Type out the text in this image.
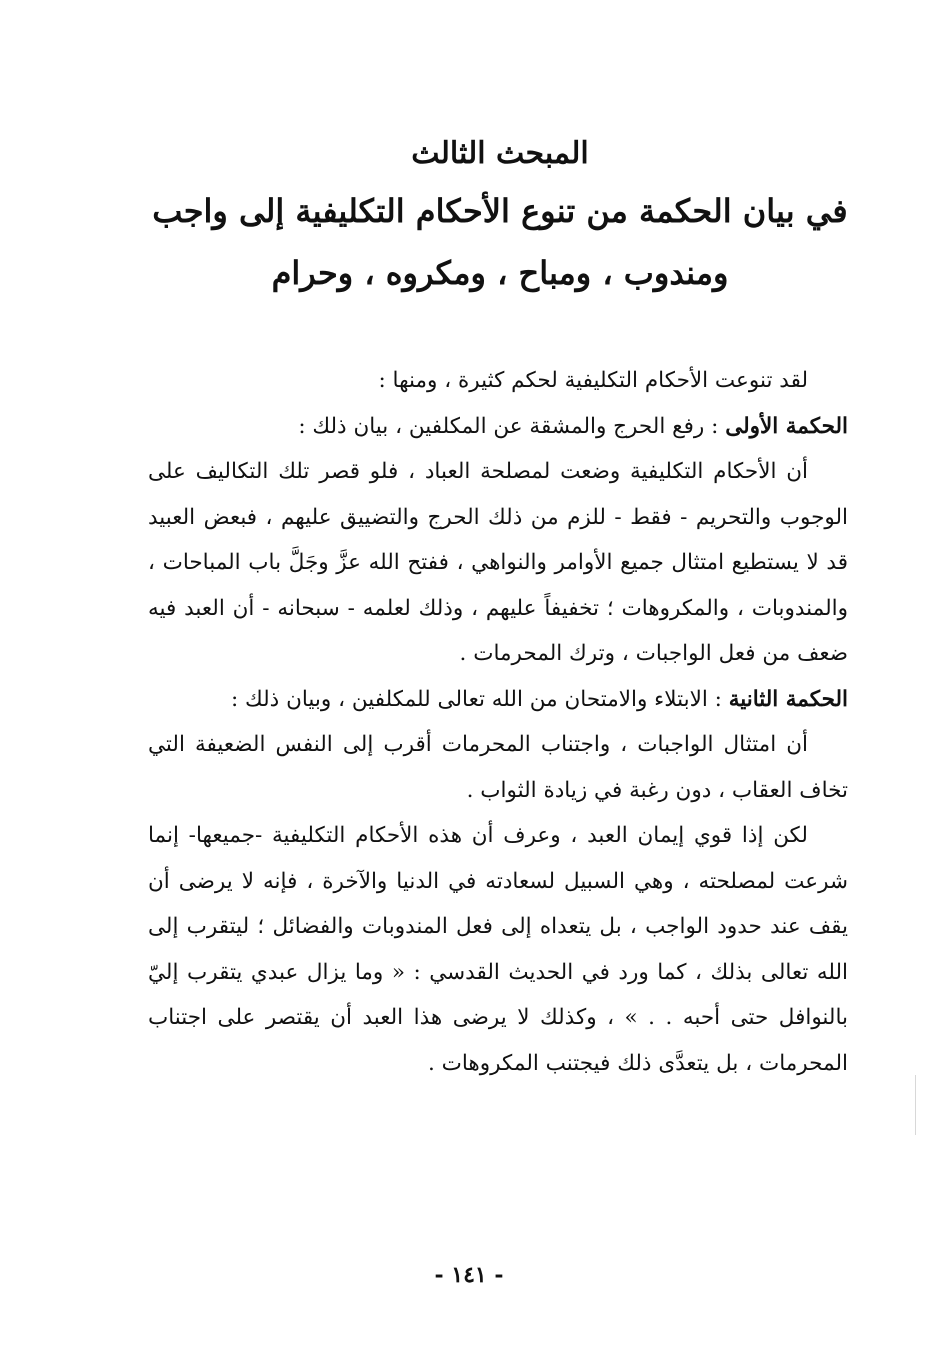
المبحث الثالث
في بيان الحكمة من تنوع الأحكام التكليفية إلى واجب
ومندوب ، ومباح ، ومكروه ، وحرام

لقد تنوعت الأحكام التكليفية لحكم كثيرة ، ومنها :

الحكمة الأولى : رفع الحرج والمشقة عن المكلفين ، بيان ذلك :

أن الأحكام التكليفية وضعت لمصلحة العباد ، فلو قصر تلك التكاليف على الوجوب والتحريم - فقط - للزم من ذلك الحرج والتضييق عليهم ، فبعض العبيد قد لا يستطيع امتثال جميع الأوامر والنواهي ، ففتح الله عزَّ وجَلَّ باب المباحات ، والمندوبات ، والمكروهات ؛ تخفيفاً عليهم ، وذلك لعلمه - سبحانه - أن العبد فيه ضعف من فعل الواجبات ، وترك المحرمات .

الحكمة الثانية : الابتلاء والامتحان من الله تعالى للمكلفين ، وبيان ذلك :

أن امتثال الواجبات ، واجتناب المحرمات أقرب إلى النفس الضعيفة التي تخاف العقاب ، دون رغبة في زيادة الثواب .

لكن إذا قوي إيمان العبد ، وعرف أن هذه الأحكام التكليفية -جميعها- إنما شرعت لمصلحته ، وهي السبيل لسعادته في الدنيا والآخرة ، فإنه لا يرضى أن يقف عند حدود الواجب ، بل يتعداه إلى فعل المندوبات والفضائل ؛ ليتقرب إلى الله تعالى بذلك ، كما ورد في الحديث القدسي : « وما يزال عبدي يتقرب إليّ بالنوافل حتى أحبه . . » ، وكذلك لا يرضى هذا العبد أن يقتصر على اجتناب المحرمات ، بل يتعدَّى ذلك فيجتنب المكروهات .

- ١٤١ -
